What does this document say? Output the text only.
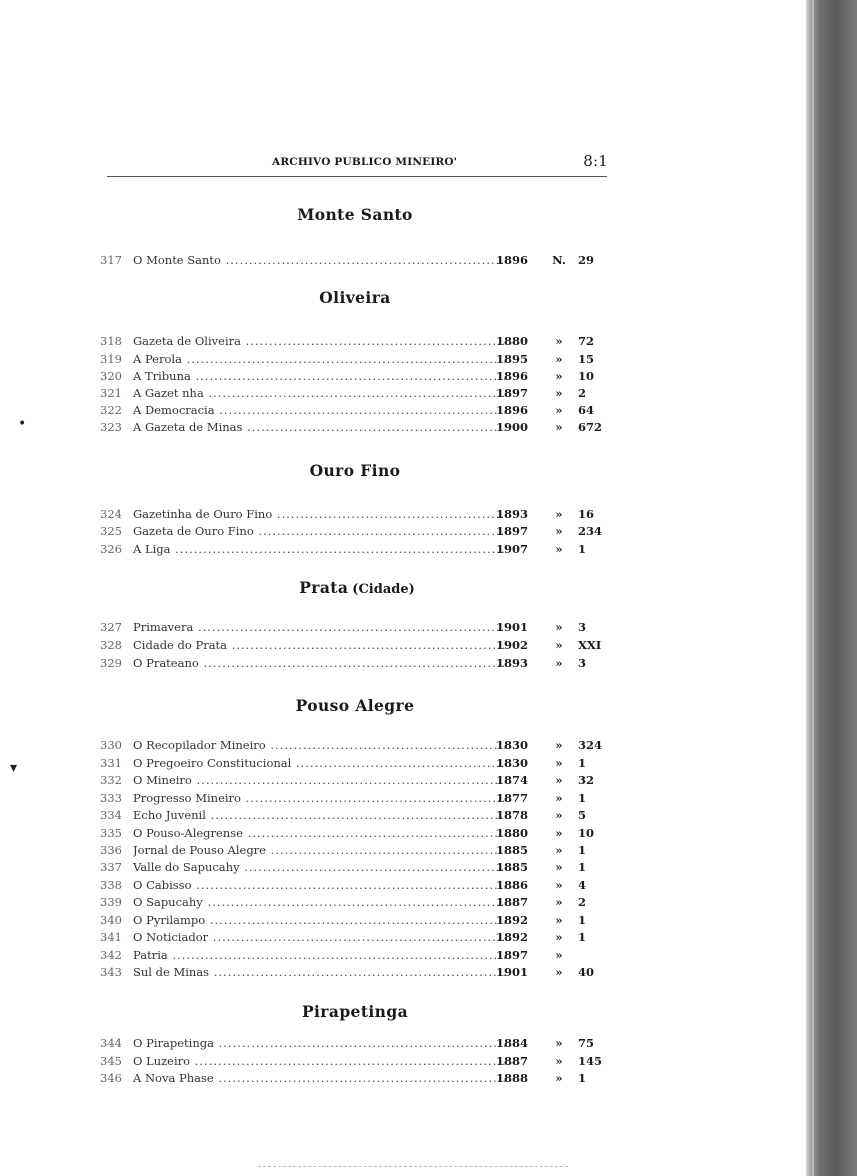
ARCHIVO PUBLICO MINEIRO'	8:1
Monte Santo
317 O Monte Santo .....	1896	N. 29
Oliveira
318 Gazeta de Oliveira .....	1880	» 72
319 A Perola .....	1895	» 15
320 A Tribuna .....	1896	» 10
321 A Gazet nha .....	1897	» 2
322 A Democracia .....	1896	» 64
323 A Gazeta de Minas .....	1900	» 672
Ouro Fino
324 Gazetinha de Ouro Fino .....	1893	» 16
325 Gazeta de Ouro Fino .....	1897	» 234
326 A Liga .....	1907	» 1
Prata (Cidade)
327 Primavera .....	1901	» 3
328 Cidade do Prata .....	1902	» XXI
329 O Prateano .....	1893	» 3
Pouso Alegre
330 O Recopilador Mineiro .....	1830	» 324
331 O Pregoeiro Constitucional .....	1830	» 1
332 O Mineiro .....	1874	» 32
333 Progresso Mineiro .....	1877	» 1
334 Echo Juvenil .....	1878	» 5
335 O Pouso-Alegrense .....	1880	» 10
336 Jornal de Pouso Alegre .....	1885	» 1
337 Valle do Sapucahy .....	1885	» 1
338 O Cabisso .....	1886	» 4
339 O Sapucahy .....	1887	» 2
340 O Pyrilampo .....	1892	» 1
341 O Noticiador .....	1892	» 1
342 Patria .....	1897	»
343 Sul de Minas .....	1901	» 40
Pirapetinga
344 O Pirapetinga .....	1884	» 75
345 O Luzeiro .....	1887	» 145
346 A Nova Phase .....	1888	» 1
•
▾
